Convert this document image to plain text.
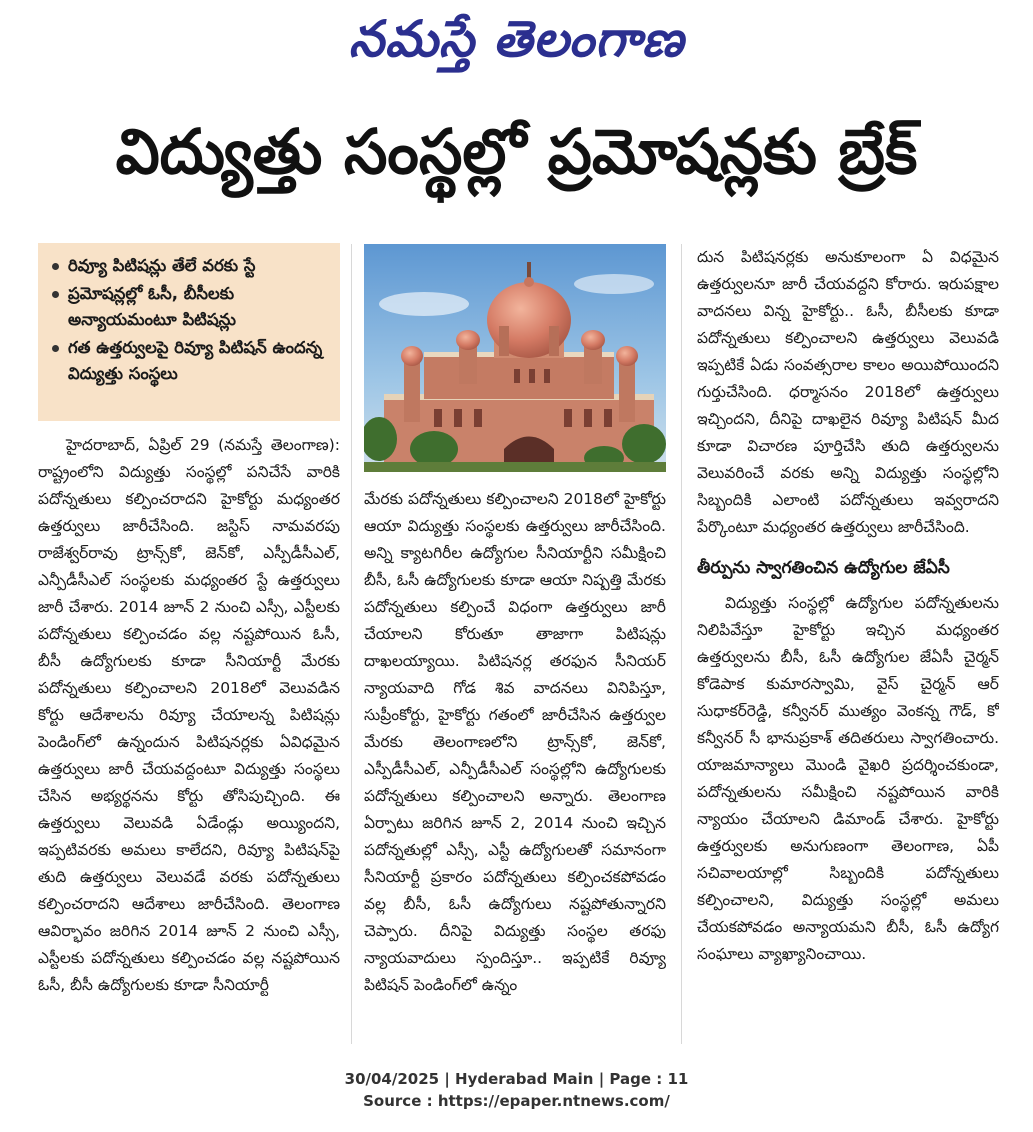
నమస్తే తెలంగాణ
విద్యుత్తు సంస్థల్లో ప్రమోషన్లకు బ్రేక్
రివ్యూ పిటిషన్లు తేలే వరకు స్టే
ప్రమోషన్లల్లో ఓసీ, బీసీలకు అన్యాయమంటూ పిటిషన్లు
గత ఉత్తర్వులపై రివ్యూ పిటిషన్ ఉందన్న విద్యుత్తు సంస్థలు

హైదరాబాద్, ఏప్రిల్ 29 (నమస్తే తెలంగాణ): రాష్ట్రంలోని విద్యుత్తు సంస్థల్లో పనిచేసే వారికి పదోన్నతులు కల్పించరాదని హైకోర్టు మధ్యంతర ఉత్తర్వులు జారీచేసింది. జస్టిస్ నామవరపు రాజేశ్వర్‌రావు ట్రాన్స్‌కో, జెన్‌కో, ఎస్పీడీసీఎల్, ఎన్పీడీసీఎల్ సంస్థలకు మధ్యంతర స్టే ఉత్తర్వులు జారీ చేశారు. 2014 జూన్ 2 నుంచి ఎస్సీ, ఎస్టీలకు పదోన్నతులు కల్పించడం వల్ల నష్టపోయిన ఓసీ, బీసీ ఉద్యోగులకు కూడా సీనియార్టీ మేరకు పదోన్నతులు కల్పించాలని 2018లో వెలువడిన కోర్టు ఆదేశాలను రివ్యూ చేయాలన్న పిటిషన్లు పెండింగ్‌లో ఉన్నందున పిటిషనర్లకు ఏవిధమైన ఉత్తర్వులు జారీ చేయవద్దంటూ విద్యుత్తు సంస్థలు చేసిన అభ్యర్థనను కోర్టు తోసిపుచ్చింది. ఈ ఉత్తర్వులు వెలువడి ఏడేండ్లు అయ్యిందని, ఇప్పటివరకు అమలు కాలేదని, రివ్యూ పిటిషన్‌పై తుది ఉత్తర్వులు వెలువడే వరకు పదోన్నతులు కల్పించరాదని ఆదేశాలు జారీచేసింది. తెలంగాణ ఆవిర్భావం జరిగిన 2014 జూన్ 2 నుంచి ఎస్సీ, ఎస్టీలకు పదోన్నతులు కల్పించడం వల్ల నష్టపోయిన ఓసీ, బీసీ ఉద్యోగులకు కూడా సీనియార్టీ

మేరకు పదోన్నతులు కల్పించాలని 2018లో హైకోర్టు ఆయా విద్యుత్తు సంస్థలకు ఉత్తర్వులు జారీచేసింది. అన్ని క్యాటగిరీల ఉద్యోగుల సీనియార్టీని సమీక్షించి బీసీ, ఓసీ ఉద్యోగులకు కూడా ఆయా నిష్పత్తి మేరకు పదోన్నతులు కల్పించే విధంగా ఉత్తర్వులు జారీ చేయాలని కోరుతూ తాజాగా పిటిషన్లు దాఖలయ్యాయి. పిటిషనర్ల తరఫున సీనియర్ న్యాయవాది గోడ శివ వాదనలు వినిపిస్తూ, సుప్రీంకోర్టు, హైకోర్టు గతంలో జారీచేసిన ఉత్తర్వుల మేరకు తెలంగాణలోని ట్రాన్స్‌కో, జెన్‌కో, ఎస్పీడీసీఎల్, ఎన్పీడీసీఎల్ సంస్థల్లోని ఉద్యోగులకు పదోన్నతులు కల్పించాలని అన్నారు. తెలంగాణ ఏర్పాటు జరిగిన జూన్ 2, 2014 నుంచి ఇచ్చిన పదోన్నతుల్లో ఎస్సీ, ఎస్టీ ఉద్యోగులతో సమానంగా సీనియార్టీ ప్రకారం పదోన్నతులు కల్పించకపోవడం వల్ల బీసీ, ఓసీ ఉద్యోగులు నష్టపోతున్నారని చెప్పారు. దీనిపై విద్యుత్తు సంస్థల తరఫు న్యాయవాదులు స్పందిస్తూ.. ఇప్పటికే రివ్యూ పిటిషన్ పెండింగ్‌లో ఉన్నం

దున పిటిషనర్లకు అనుకూలంగా ఏ విధమైన ఉత్తర్వులనూ జారీ చేయవద్దని కోరారు. ఇరుపక్షాల వాదనలు విన్న హైకోర్టు.. ఓసీ, బీసీలకు కూడా పదోన్నతులు కల్పించాలని ఉత్తర్వులు వెలువడి ఇప్పటికే ఏడు సంవత్సరాల కాలం అయిపోయిందని గుర్తుచేసింది. ధర్మాసనం 2018లో ఉత్తర్వులు ఇచ్చిందని, దీనిపై దాఖలైన రివ్యూ పిటిషన్ మీద కూడా విచారణ పూర్తిచేసి తుది ఉత్తర్వులను వెలువరించే వరకు అన్ని విద్యుత్తు సంస్థల్లోని సిబ్బందికి ఎలాంటి పదోన్నతులు ఇవ్వరాదని పేర్కొంటూ మధ్యంతర ఉత్తర్వులు జారీచేసింది.

తీర్పును స్వాగతించిన ఉద్యోగుల జేఏసీ

విద్యుత్తు సంస్థల్లో ఉద్యోగుల పదోన్నతులను నిలిపివేస్తూ హైకోర్టు ఇచ్చిన మధ్యంతర ఉత్తర్వులను బీసీ, ఓసీ ఉద్యోగుల జేఏసీ చైర్మన్ కోడెపాక కుమారస్వామి, వైస్ చైర్మన్ ఆర్ సుధాకర్‌రెడ్డి, కన్వీనర్ ముత్యం వెంకన్న గౌడ్, కో కన్వీనర్ సీ భానుప్రకాశ్ తదితరులు స్వాగతించారు. యాజమాన్యాలు మొండి వైఖరి ప్రదర్శించకుండా, పదోన్నతులను సమీక్షించి నష్టపోయిన వారికి న్యాయం చేయాలని డిమాండ్ చేశారు. హైకోర్టు ఉత్తర్వులకు అనుగుణంగా తెలంగాణ, ఏపీ సచివాలయాల్లో సిబ్బందికి పదోన్నతులు కల్పించాలని, విద్యుత్తు సంస్థల్లో అమలు చేయకపోవడం అన్యాయమని బీసీ, ఓసీ ఉద్యోగ సంఘాలు వ్యాఖ్యానించాయి.

30/04/2025 | Hyderabad Main | Page : 11
Source : https://epaper.ntnews.com/
